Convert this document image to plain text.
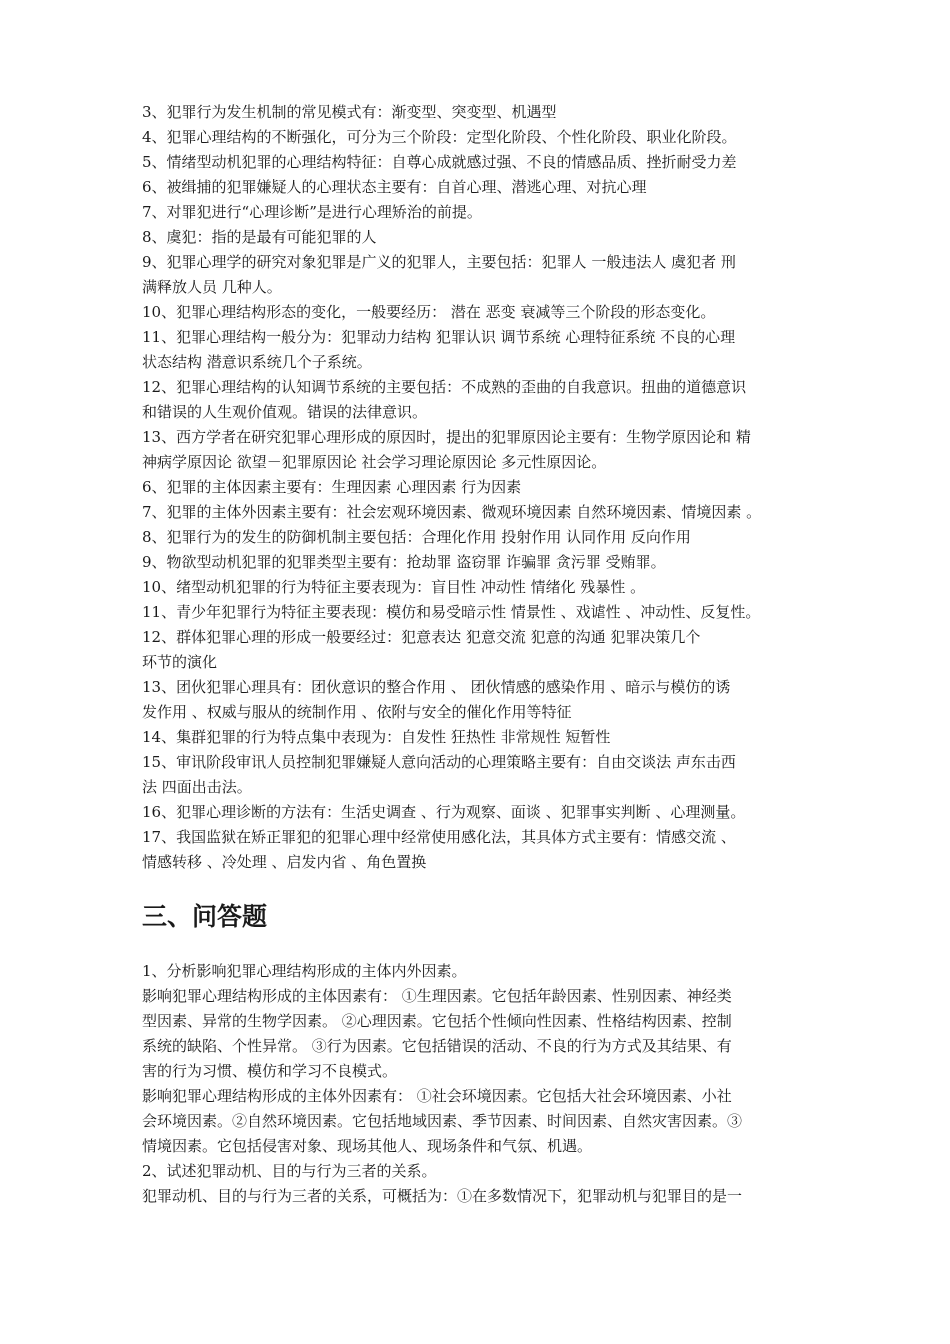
3、犯罪行为发生机制的常见模式有：渐变型、突变型、机遇型
4、犯罪心理结构的不断强化，可分为三个阶段：定型化阶段、个性化阶段、职业化阶段。
5、情绪型动机犯罪的心理结构特征：自尊心成就感过强、不良的情感品质、挫折耐受力差
6、被缉捕的犯罪嫌疑人的心理状态主要有：自首心理、潜逃心理、对抗心理
7、对罪犯进行“心理诊断”是进行心理矫治的前提。
8、虞犯：指的是最有可能犯罪的人
9、犯罪心理学的研究对象犯罪是广义的犯罪人，主要包括：犯罪人 一般违法人 虞犯者 刑
满释放人员 几种人。
10、犯罪心理结构形态的变化，一般要经历： 潜在 恶变 衰减等三个阶段的形态变化。
11、犯罪心理结构一般分为：犯罪动力结构 犯罪认识 调节系统 心理特征系统 不良的心理
状态结构 潜意识系统几个子系统。
12、犯罪心理结构的认知调节系统的主要包括：不成熟的歪曲的自我意识。扭曲的道德意识
和错误的人生观价值观。错误的法律意识。
13、西方学者在研究犯罪心理形成的原因时，提出的犯罪原因论主要有：生物学原因论和 精
神病学原因论 欲望－犯罪原因论 社会学习理论原因论 多元性原因论。
6、犯罪的主体因素主要有：生理因素 心理因素 行为因素
7、犯罪的主体外因素主要有：社会宏观环境因素、微观环境因素 自然环境因素、情境因素 。
8、犯罪行为的发生的防御机制主要包括：合理化作用 投射作用 认同作用 反向作用
9、物欲型动机犯罪的犯罪类型主要有：抢劫罪 盗窃罪 诈骗罪 贪污罪 受贿罪。
10、绪型动机犯罪的行为特征主要表现为：盲目性 冲动性 情绪化 残暴性 。
11、青少年犯罪行为特征主要表现：模仿和易受暗示性 情景性 、戏谑性 、冲动性、反复性。
12、群体犯罪心理的形成一般要经过：犯意表达 犯意交流 犯意的沟通 犯罪决策几个
环节的演化
13、团伙犯罪心理具有：团伙意识的整合作用 、 团伙情感的感染作用 、暗示与模仿的诱
发作用 、权威与服从的统制作用 、依附与安全的催化作用等特征
14、集群犯罪的行为特点集中表现为：自发性 狂热性 非常规性 短暂性
15、审讯阶段审讯人员控制犯罪嫌疑人意向活动的心理策略主要有：自由交谈法 声东击西
法 四面出击法。
16、犯罪心理诊断的方法有：生活史调查 、行为观察、面谈 、犯罪事实判断 、心理测量。
17、我国监狱在矫正罪犯的犯罪心理中经常使用感化法，其具体方式主要有：情感交流 、
情感转移 、冷处理 、启发内省 、角色置换
三、问答题
1、分析影响犯罪心理结构形成的主体内外因素。
影响犯罪心理结构形成的主体因素有： ①生理因素。它包括年龄因素、性别因素、神经类
型因素、异常的生物学因素。 ②心理因素。它包括个性倾向性因素、性格结构因素、控制
系统的缺陷、个性异常。 ③行为因素。它包括错误的活动、不良的行为方式及其结果、有
害的行为习惯、模仿和学习不良模式。
影响犯罪心理结构形成的主体外因素有： ①社会环境因素。它包括大社会环境因素、小社
会环境因素。②自然环境因素。它包括地域因素、季节因素、时间因素、自然灾害因素。③
情境因素。它包括侵害对象、现场其他人、现场条件和气氛、机遇。
2、试述犯罪动机、目的与行为三者的关系。
犯罪动机、目的与行为三者的关系，可概括为：①在多数情况下，犯罪动机与犯罪目的是一
